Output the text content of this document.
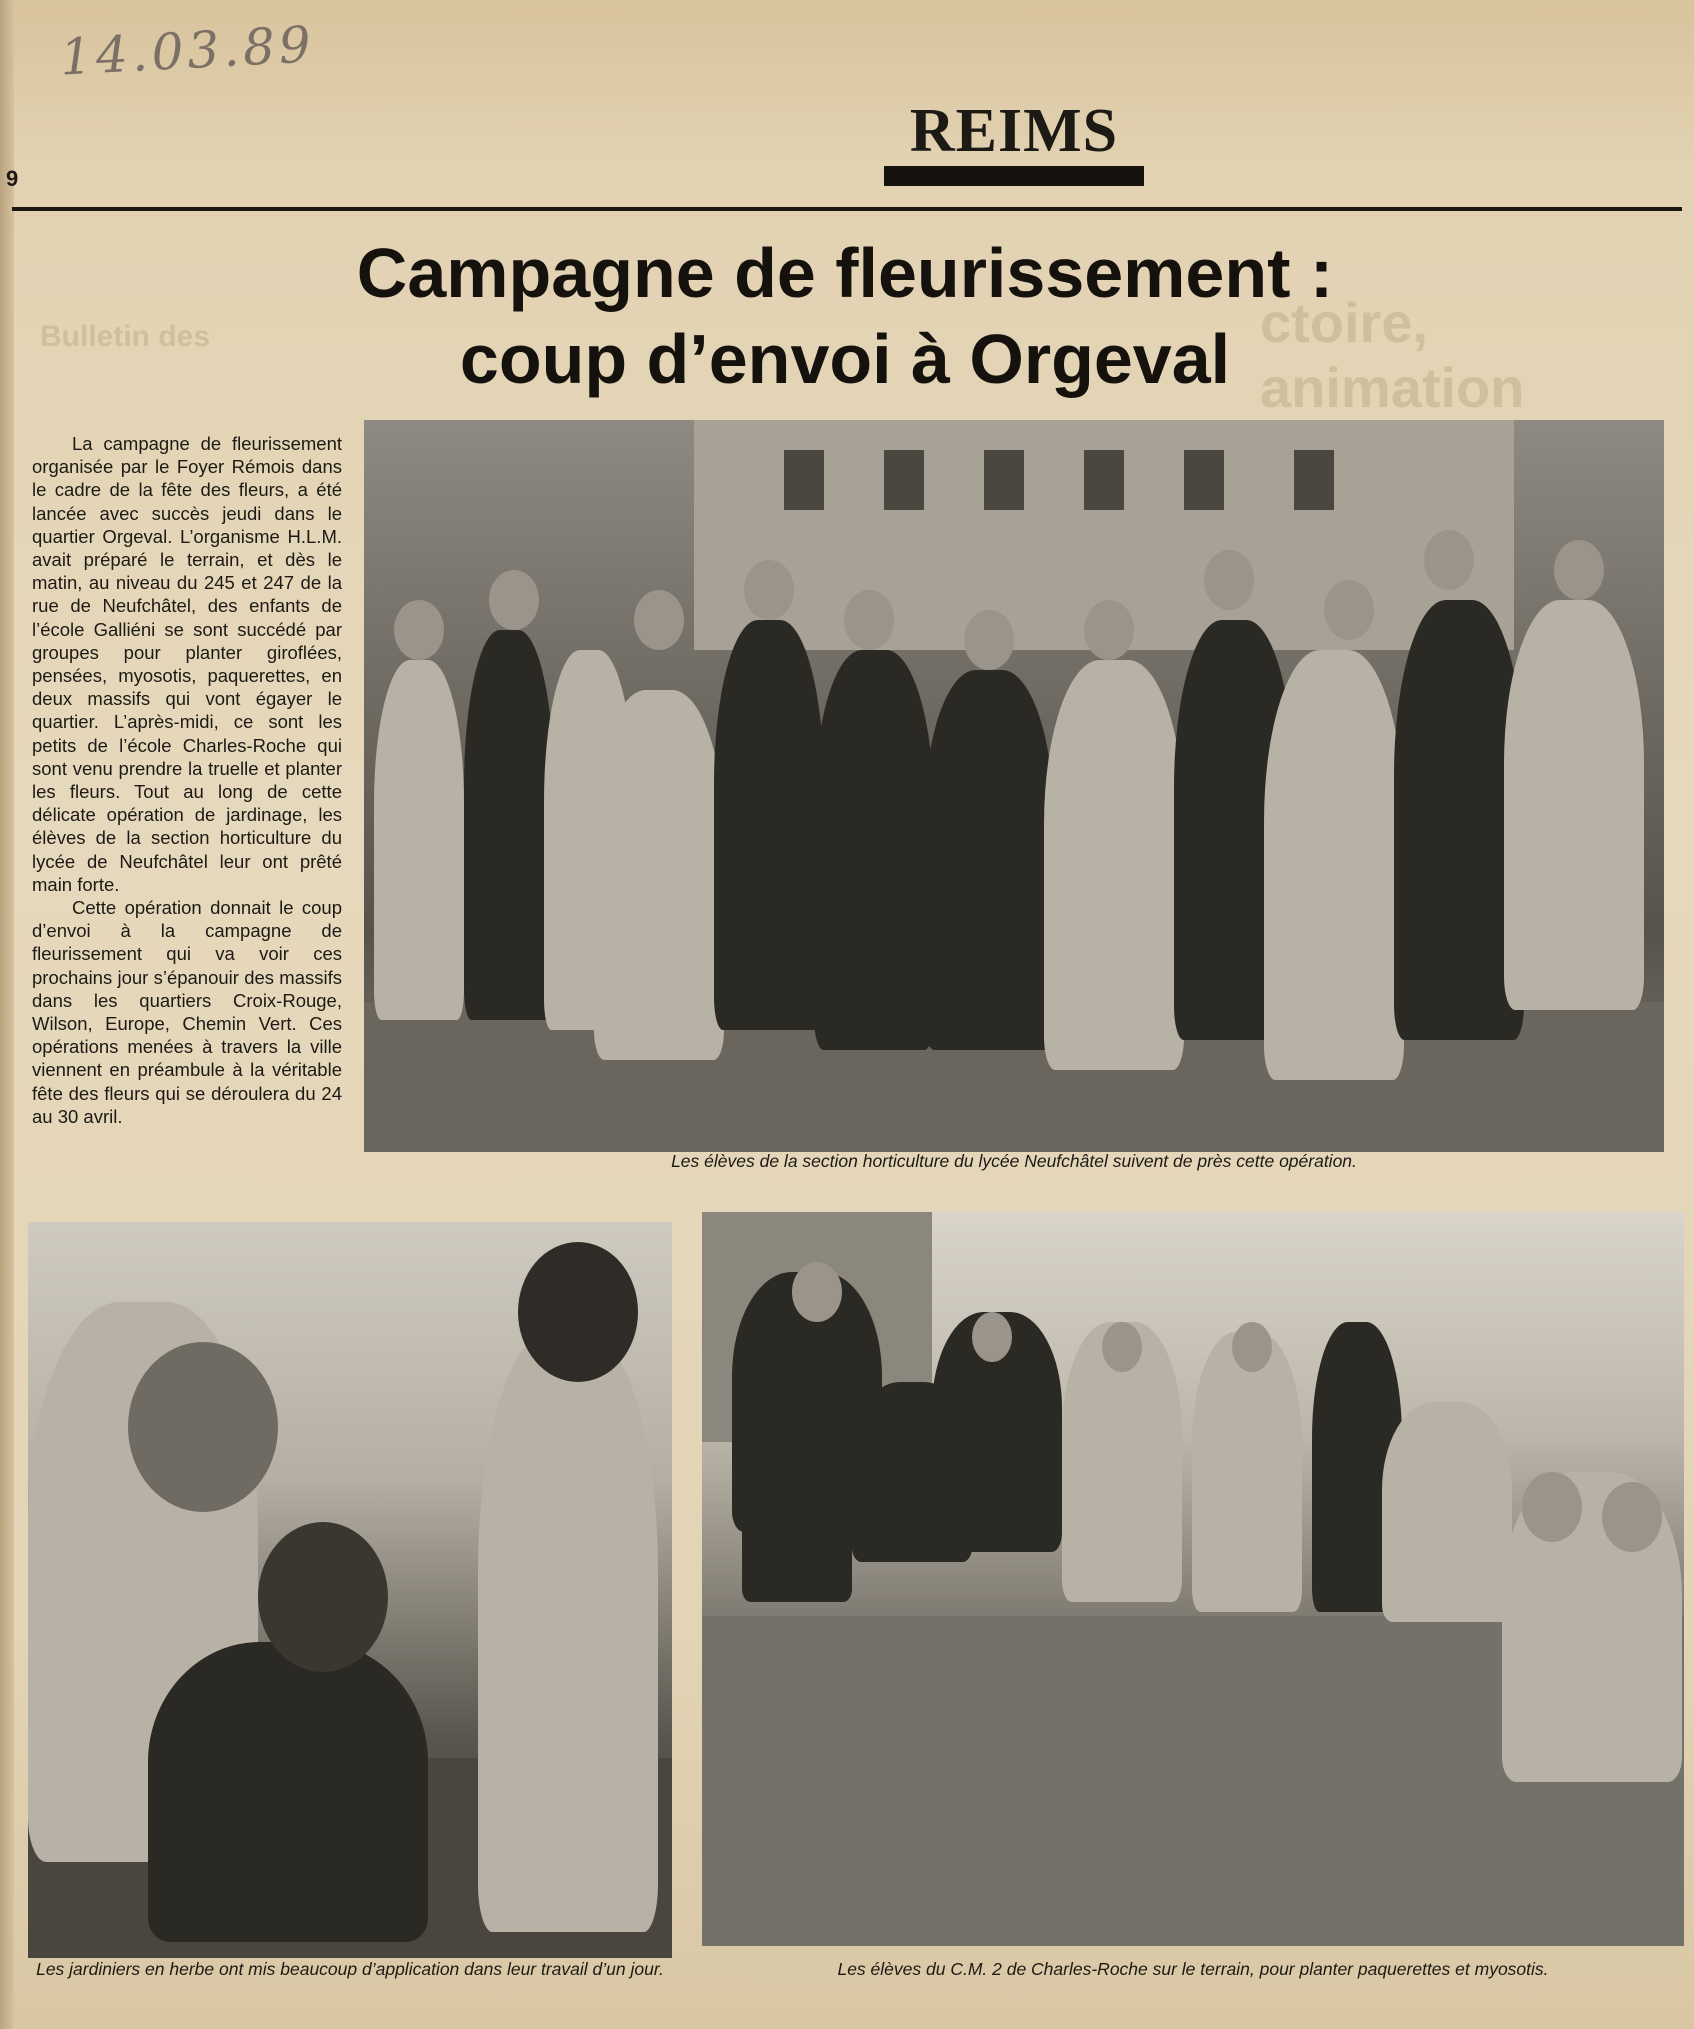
14.03.89
9
REIMS
ctoire, animation
Bulletin des
Campagne de fleurissement :
coup d’envoi à Orgeval

La campagne de fleurissement organisée par le Foyer Rémois dans le cadre de la fête des fleurs, a été lancée avec succès jeudi dans le quartier Orgeval. L’organisme H.L.M. avait préparé le terrain, et dès le matin, au niveau du 245 et 247 de la rue de Neufchâtel, des enfants de l’école Galliéni se sont succédé par groupes pour planter giroflées, pensées, myosotis, paquerettes, en deux massifs qui vont égayer le quartier. L’après-midi, ce sont les petits de l’école Charles-Roche qui sont venu prendre la truelle et planter les fleurs. Tout au long de cette délicate opération de jardinage, les élèves de la section horticulture du lycée de Neufchâtel leur ont prêté main forte.

Cette opération donnait le coup d’envoi à la campagne de fleurissement qui va voir ces prochains jour s’épanouir des massifs dans les quartiers Croix-Rouge, Wilson, Europe, Chemin Vert. Ces opérations menées à travers la ville viennent en préambule à la véritable fête des fleurs qui se déroulera du 24 au 30 avril.

Les élèves de la section horticulture du lycée Neufchâtel suivent de près cette opération.
Les jardiniers en herbe ont mis beaucoup d’application dans leur travail d’un jour.	Les élèves du C.M. 2 de Charles-Roche sur le terrain, pour planter paquerettes et myosotis.
